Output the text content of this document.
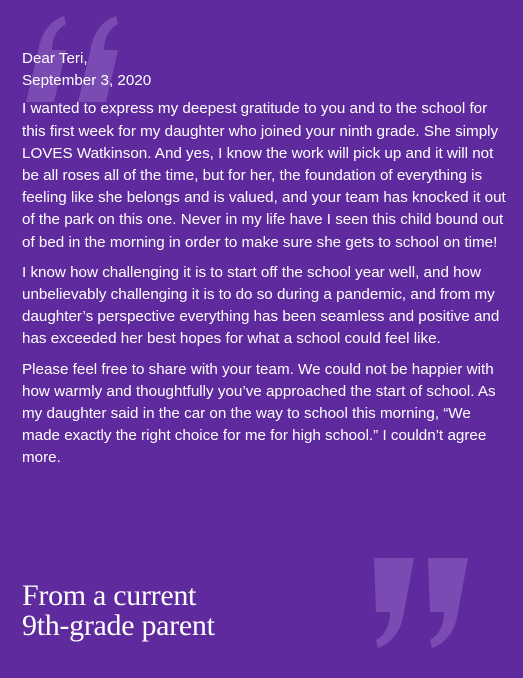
Dear Teri,
September 3, 2020

I wanted to express my deepest gratitude to you and to the school for this first week for my daughter who joined your ninth grade. She simply LOVES Watkinson. And yes, I know the work will pick up and it will not be all roses all of the time, but for her, the foundation of everything is feeling like she belongs and is valued, and your team has knocked it out of the park on this one. Never in my life have I seen this child bound out of bed in the morning in order to make sure she gets to school on time!

I know how challenging it is to start off the school year well, and how unbelievably challenging it is to do so during a pandemic, and from my daughter’s perspective everything has been seamless and positive and has exceeded her best hopes for what a school could feel like.

Please feel free to share with your team. We could not be happier with how warmly and thoughtfully you’ve approached the start of school. As my daughter said in the car on the way to school this morning, “We made exactly the right choice for me for high school.” I couldn’t agree more.

From a current
9th-grade parent
